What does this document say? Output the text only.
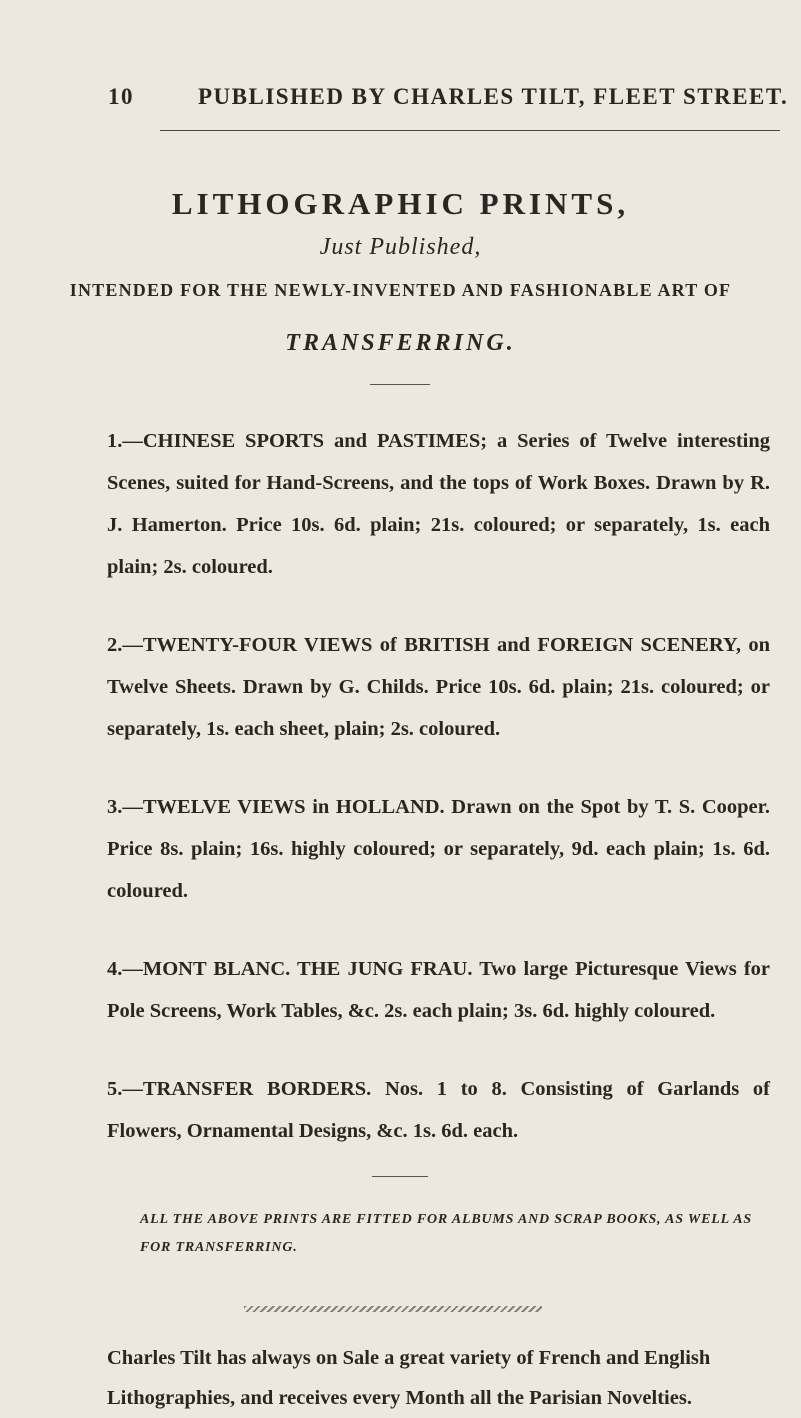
10	PUBLISHED BY CHARLES TILT, FLEET STREET.
LITHOGRAPHIC PRINTS,
Just Published,
INTENDED FOR THE NEWLY-INVENTED AND FASHIONABLE ART OF
TRANSFERRING.

1.—CHINESE SPORTS and PASTIMES; a Series of Twelve interesting Scenes, suited for Hand-Screens, and the tops of Work Boxes. Drawn by R. J. Hamerton. Price 10s. 6d. plain; 21s. coloured; or separately, 1s. each plain; 2s. coloured.

2.—TWENTY-FOUR VIEWS of BRITISH and FOREIGN SCENERY, on Twelve Sheets. Drawn by G. Childs. Price 10s. 6d. plain; 21s. coloured; or separately, 1s. each sheet, plain; 2s. coloured.

3.—TWELVE VIEWS in HOLLAND. Drawn on the Spot by T. S. Cooper. Price 8s. plain; 16s. highly coloured; or separately, 9d. each plain; 1s. 6d. coloured.

4.—MONT BLANC. THE JUNG FRAU. Two large Picturesque Views for Pole Screens, Work Tables, &c. 2s. each plain; 3s. 6d. highly coloured.

5.—TRANSFER BORDERS. Nos. 1 to 8. Consisting of Garlands of Flowers, Ornamental Designs, &c. 1s. 6d. each.

ALL THE ABOVE PRINTS ARE FITTED FOR ALBUMS AND SCRAP BOOKS, AS WELL AS FOR TRANSFERRING.
Charles Tilt has always on Sale a great variety of French and English Lithographies, and receives every Month all the Parisian Novelties.
